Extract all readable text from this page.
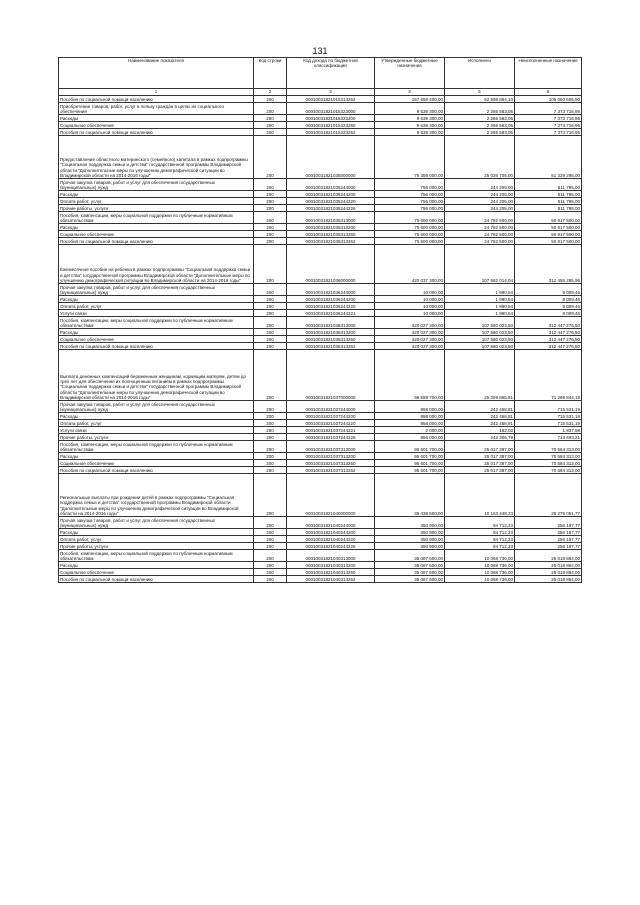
131
Наименование показателя	Код строки	Код дохода по бюджетной классификации	Утвержденные бюджетные назначения	Исполнено	Неисполненные назначения
1	2	3	4	5	6
Пособия по социальной помощи населению	200	00010031821015313262	157 659 400,00	52 598 894,10	105 060 505,90
Приобретение товаров, работ, услуг в пользу граждан в целях их социального обеспечения	200	00010031821015323000	9 639 300,00	2 265 583,05	7 373 716,95
Расходы	200	00010031821015323200	9 639 300,00	2 265 583,05	7 373 716,95
Социальное обеспечение	200	00010031821015323260	9 639 300,00	2 265 583,05	7 373 716,95
Пособия по социальной помощи населению	200	00010031821015323262	9 639 300,00	2 265 583,05	7 373 716,95
Предоставление областного материнского (семейного) капитала в рамках подпрограммы "Социальная поддержка семьи и детства" государственной программы Владимирской области "Дополнительные меры по улучшению демографической ситуации во Владимирской области на 2014-2016 годы"	200	00010031821035000000	76 356 000,00	25 026 705,00	51 329 295,00
Прочая закупка товаров, работ и услуг для обеспечения государственных (муниципальных) нужд	200	00010031821035244000	756 000,00	244 205,00	511 795,00
Расходы	200	00010031821035244200	756 000,00	244 205,00	511 795,00
Оплата работ, услуг	200	00010031821035244220	756 000,00	244 205,00	511 795,00
Прочие работы, услуги	200	00010031821035244226	756 000,00	244 205,00	511 795,00
Пособия, компенсации, меры социальной поддержки по публичным нормативным обязательствам	200	00010031821035313000	75 600 000,00	24 782 500,00	50 817 500,00
Расходы	200	00010031821035313200	75 600 000,00	24 782 500,00	50 817 500,00
Социальное обеспечение	200	00010031821035313260	75 600 000,00	24 782 500,00	50 817 500,00
Пособия по социальной помощи населению	200	00010031821035313262	75 600 000,00	24 782 500,00	50 817 500,00
Ежемесячное пособие на ребенка в рамках подпрограммы "Социальная поддержка семьи и детства" государственной программы Владимирской области "Дополнительные меры по улучшению демографической ситуации во Владимирской области на 2014-2016 годы"	200	00010031821036000000	420 037 300,00	107 582 014,04	312 455 285,96
Прочая закупка товаров, работ и услуг для обеспечения государственных (муниципальных) нужд	200	00010031821036244000	10 000,00	1 990,54	8 009,46
Расходы	200	00010031821036244200	10 000,00	1 990,54	8 009,46
Оплата работ, услуг	200	00010031821036244220	10 000,00	1 990,54	8 009,46
Услуги связи	200	00010031821036244221	10 000,00	1 990,54	8 009,46
Пособия, компенсации, меры социальной поддержки по публичным нормативным обязательствам	200	00010031821036313000	420 027 300,00	107 580 023,50	312 447 276,50
Расходы	200	00010031821036313200	420 027 300,00	107 580 023,50	312 447 276,50
Социальное обеспечение	200	00010031821036313260	420 027 300,00	107 580 023,50	312 447 276,50
Пособия по социальной помощи населению	200	00010031821036313262	420 027 300,00	107 580 023,50	312 447 276,50
Выплата денежных компенсаций беременным женщинам, кормящим матерям, детям до трех лет для обеспечения их полноценным питанием в рамках подпрограммы "Социальная поддержка семьи и детства" государственной программы Владимирской области "Дополнительные меры по улучшению демографической ситуации во Владимирской области на 2014-2016 годы"	200	00010031821037000000	96 559 700,00	25 259 855,81	71 299 844,19
Прочая закупка товаров, работ и услуг для обеспечения государственных (муниципальных) нужд	200	00010031821037244000	958 000,00	242 468,81	715 531,19
Расходы	200	00010031821037244200	958 000,00	242 468,81	715 531,19
Оплата работ, услуг	200	00010031821037244220	958 000,00	242 468,81	715 531,19
Услуги связи	200	00010031821037244221	2 000,00	162,02	1 837,98
Прочие работы, услуги	200	00010031821037244226	956 000,00	242 306,79	713 693,21
Пособия, компенсации, меры социальной поддержки по публичным нормативным обязательствам	200	00010031821037313000	95 601 700,00	25 017 387,00	70 584 313,00
Расходы	200	00010031821037313200	95 601 700,00	25 017 387,00	70 584 313,00
Социальное обеспечение	200	00010031821037313260	95 601 700,00	25 017 387,00	70 584 313,00
Пособия по социальной помощи населению	200	00010031821037313262	95 601 700,00	25 017 387,00	70 584 313,00
Региональные выплаты при рождении детей в рамках подпрограммы "Социальная поддержка семьи и детства" государственной программы Владимирской области "Дополнительные меры по улучшению демографической ситуации во Владимирской области на 2014-2016 годы"	200	00010031821040000000	35 438 500,00	10 163 448,23	25 275 051,77
Прочая закупка товаров, работ и услуг для обеспечения государственных (муниципальных) нужд	200	00010031821040244000	350 900,00	94 712,23	256 187,77
Расходы	200	00010031821040244200	350 900,00	94 712,23	256 187,77
Оплата работ, услуг	200	00010031821040244220	350 900,00	94 712,23	256 187,77
Прочие работы, услуги	200	00010031821040244226	350 900,00	94 712,23	256 187,77
Пособия, компенсации, меры социальной поддержки по публичным нормативным обязательствам	200	00010031821040313000	35 087 600,00	10 068 736,00	25 018 864,00
Расходы	200	00010031821040313200	35 087 600,00	10 068 736,00	25 018 864,00
Социальное обеспечение	200	00010031821040313260	35 087 600,00	10 068 736,00	25 018 864,00
Пособия по социальной помощи населению	200	00010031821040313262	35 087 600,00	10 068 736,00	25 018 864,00
